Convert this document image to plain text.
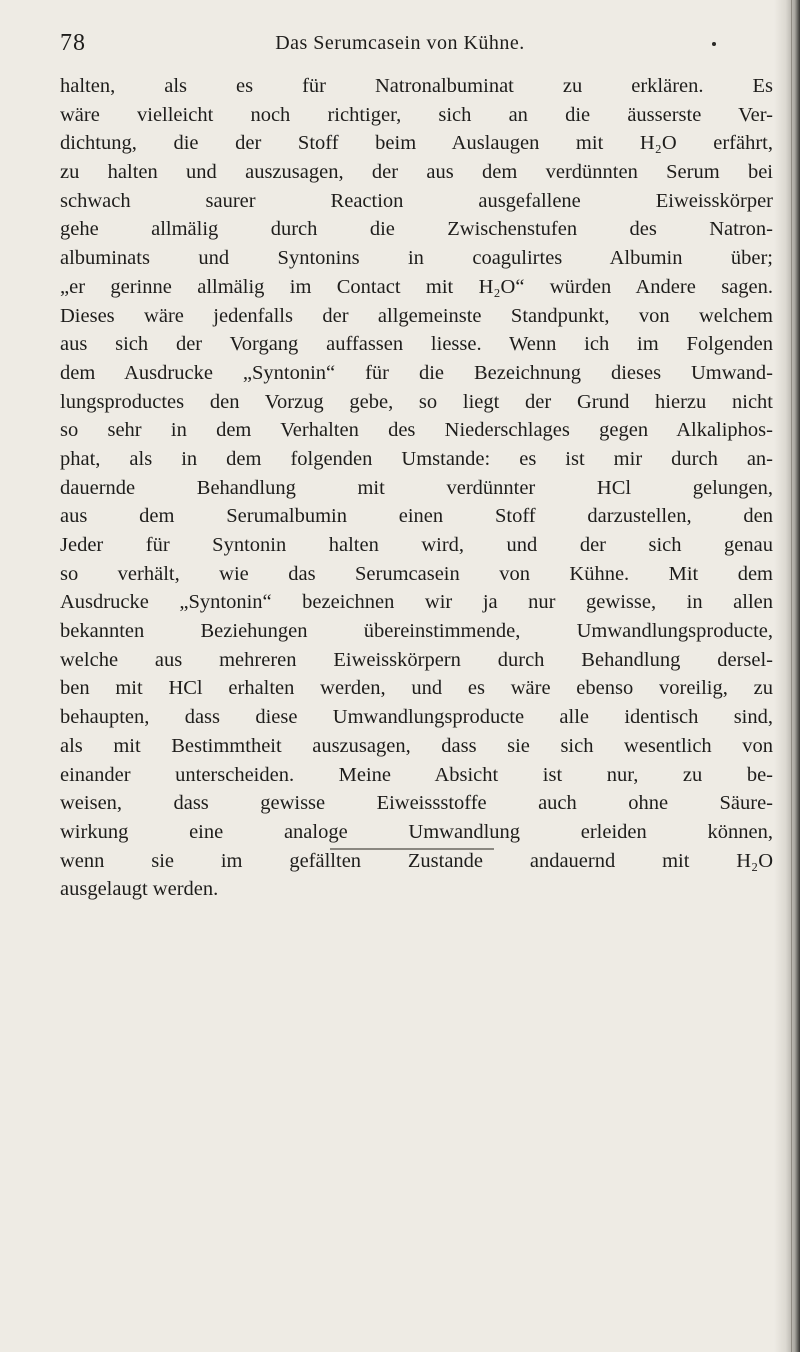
78	Das Serumcasein von Kühne.
halten, als es für Natronalbuminat zu erklären. Es
wäre vielleicht noch richtiger, sich an die äusserste Ver-
dichtung, die der Stoff beim Auslaugen mit H₂O erfährt,
zu halten und auszusagen, der aus dem verdünnten Serum bei
schwach saurer Reaction ausgefallene Eiweisskörper
gehe allmälig durch die Zwischenstufen des Natron-
albuminats und Syntonins in coagulirtes Albumin über;
„er gerinne allmälig im Contact mit H₂O“ würden Andere sagen.
Dieses wäre jedenfalls der allgemeinste Standpunkt, von welchem
aus sich der Vorgang auffassen liesse. Wenn ich im Folgenden
dem Ausdrucke „Syntonin“ für die Bezeichnung dieses Umwand-
lungsproductes den Vorzug gebe, so liegt der Grund hierzu nicht
so sehr in dem Verhalten des Niederschlages gegen Alkaliphos-
phat, als in dem folgenden Umstande: es ist mir durch an-
dauernde Behandlung mit verdünnter HCl gelungen,
aus dem Serumalbumin einen Stoff darzustellen, den
Jeder für Syntonin halten wird, und der sich genau
so verhält, wie das Serumcasein von Kühne. Mit dem
Ausdrucke „Syntonin“ bezeichnen wir ja nur gewisse, in allen
bekannten Beziehungen übereinstimmende, Umwandlungsproducte,
welche aus mehreren Eiweisskörpern durch Behandlung dersel-
ben mit HCl erhalten werden, und es wäre ebenso voreilig, zu
behaupten, dass diese Umwandlungsproducte alle identisch sind,
als mit Bestimmtheit auszusagen, dass sie sich wesentlich von
einander unterscheiden. Meine Absicht ist nur, zu be-
weisen, dass gewisse Eiweissstoffe auch ohne Säure-
wirkung eine analoge Umwandlung erleiden können,
wenn sie im gefällten Zustande andauernd mit H₂O
ausgelaugt werden.
